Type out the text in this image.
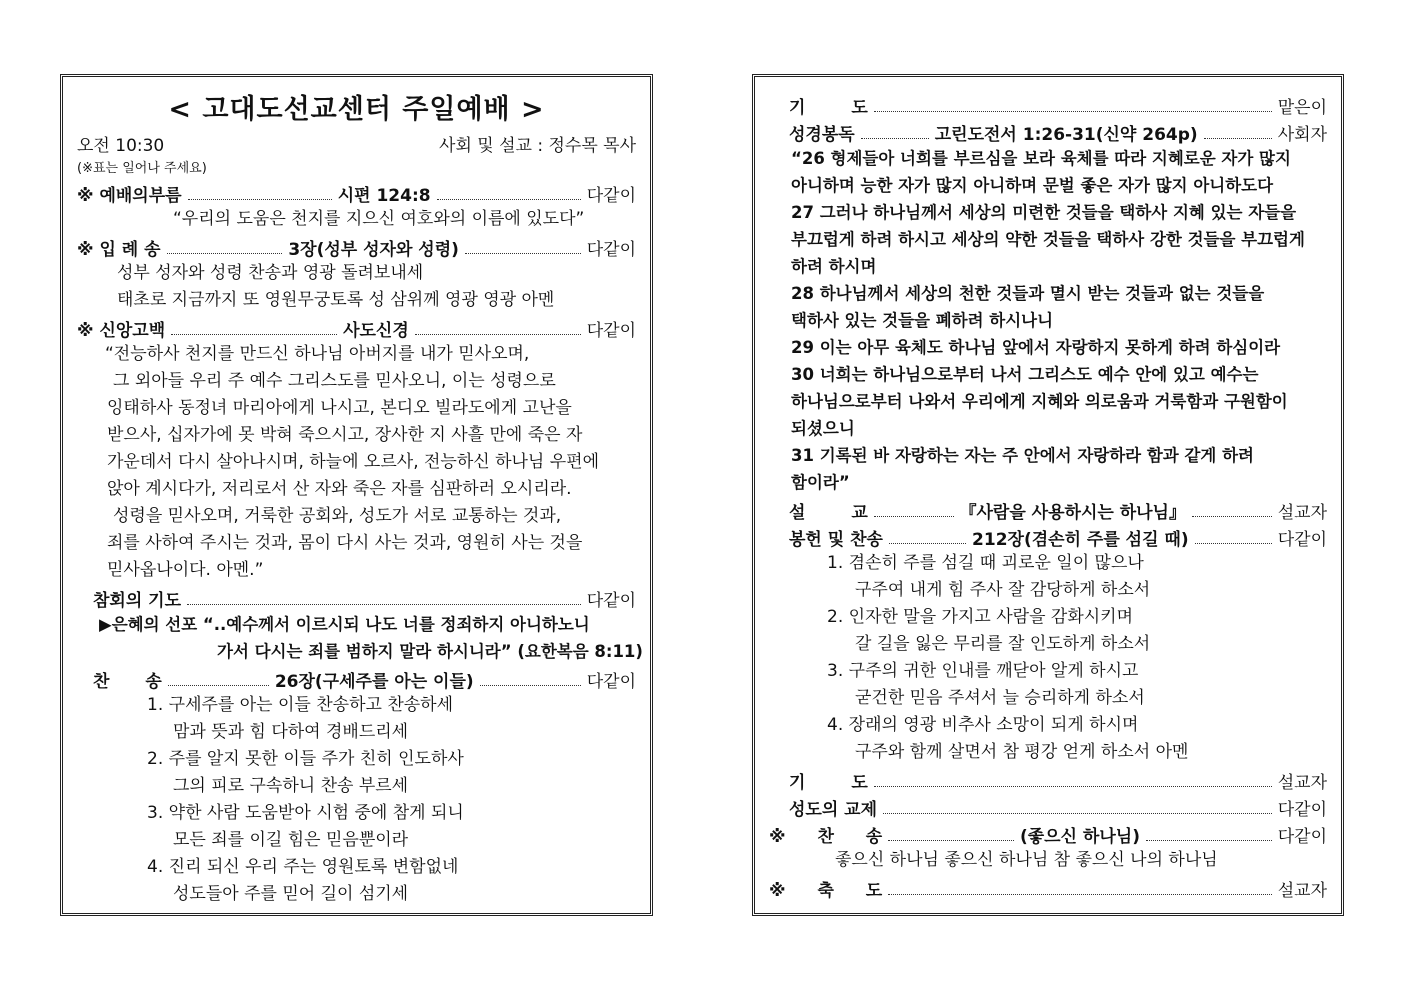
< 고대도선교센터 주일예배 >
오전 10:30	사회 및 설교 : 정수목 목사
(※표는 일어나 주세요)
※ 예배의부름	시편 124:8	다같이
“우리의 도움은 천지를 지으신 여호와의 이름에 있도다”
※ 입 례 송	3장(성부 성자와 성령)	다같이
성부 성자와 성령 찬송과 영광 돌려보내세
태초로 지금까지 또 영원무궁토록 성 삼위께 영광 영광 아멘
※ 신앙고백	사도신경	다같이
“전능하사 천지를 만드신 하나님 아버지를 내가 믿사오며,
그 외아들 우리 주 예수 그리스도를 믿사오니, 이는 성령으로
잉태하사 동정녀 마리아에게 나시고, 본디오 빌라도에게 고난을
받으사, 십자가에 못 박혀 죽으시고, 장사한 지 사흘 만에 죽은 자
가운데서 다시 살아나시며, 하늘에 오르사, 전능하신 하나님 우편에
앉아 계시다가, 저리로서 산 자와 죽은 자를 심판하러 오시리라.
성령을 믿사오며, 거룩한 공회와, 성도가 서로 교통하는 것과,
죄를 사하여 주시는 것과, 몸이 다시 사는 것과, 영원히 사는 것을
믿사옵나이다. 아멘.”
참회의 기도	다같이
▶은혜의 선포 “..예수께서 이르시되 나도 너를 정죄하지 아니하노니
가서 다시는 죄를 범하지 말라 하시니라” (요한복음 8:11)
찬 송	26장(구세주를 아는 이들)	다같이
1. 구세주를 아는 이들 찬송하고 찬송하세
맘과 뜻과 힘 다하여 경배드리세
2. 주를 알지 못한 이들 주가 친히 인도하사
그의 피로 구속하니 찬송 부르세
3. 약한 사람 도움받아 시험 중에 참게 되니
모든 죄를 이길 힘은 믿음뿐이라
4. 진리 되신 우리 주는 영원토록 변함없네
성도들아 주를 믿어 길이 섬기세
기 도	맡은이
성경봉독	고린도전서 1:26-31(신약 264p)	사회자
“26 형제들아 너희를 부르심을 보라 육체를 따라 지혜로운 자가 많지
아니하며 능한 자가 많지 아니하며 문벌 좋은 자가 많지 아니하도다
27 그러나 하나님께서 세상의 미련한 것들을 택하사 지혜 있는 자들을
부끄럽게 하려 하시고 세상의 약한 것들을 택하사 강한 것들을 부끄럽게
하려 하시며
28 하나님께서 세상의 천한 것들과 멸시 받는 것들과 없는 것들을
택하사 있는 것들을 폐하려 하시나니
29 이는 아무 육체도 하나님 앞에서 자랑하지 못하게 하려 하심이라
30 너희는 하나님으로부터 나서 그리스도 예수 안에 있고 예수는
하나님으로부터 나와서 우리에게 지혜와 의로움과 거룩함과 구원함이
되셨으니
31 기록된 바 자랑하는 자는 주 안에서 자랑하라 함과 같게 하려
함이라”
설 교	『사람을 사용하시는 하나님』	설교자
봉헌 및 찬송	212장(겸손히 주를 섬길 때)	다같이
1. 겸손히 주를 섬길 때 괴로운 일이 많으나
구주여 내게 힘 주사 잘 감당하게 하소서
2. 인자한 말을 가지고 사람을 감화시키며
갈 길을 잃은 무리를 잘 인도하게 하소서
3. 구주의 귀한 인내를 깨닫아 알게 하시고
굳건한 믿음 주셔서 늘 승리하게 하소서
4. 장래의 영광 비추사 소망이 되게 하시며
구주와 함께 살면서 참 평강 얻게 하소서 아멘
기 도	설교자
성도의 교제	다같이
※ 찬 송	(좋으신 하나님)	다같이
좋으신 하나님 좋으신 하나님 참 좋으신 나의 하나님
※ 축 도	설교자
